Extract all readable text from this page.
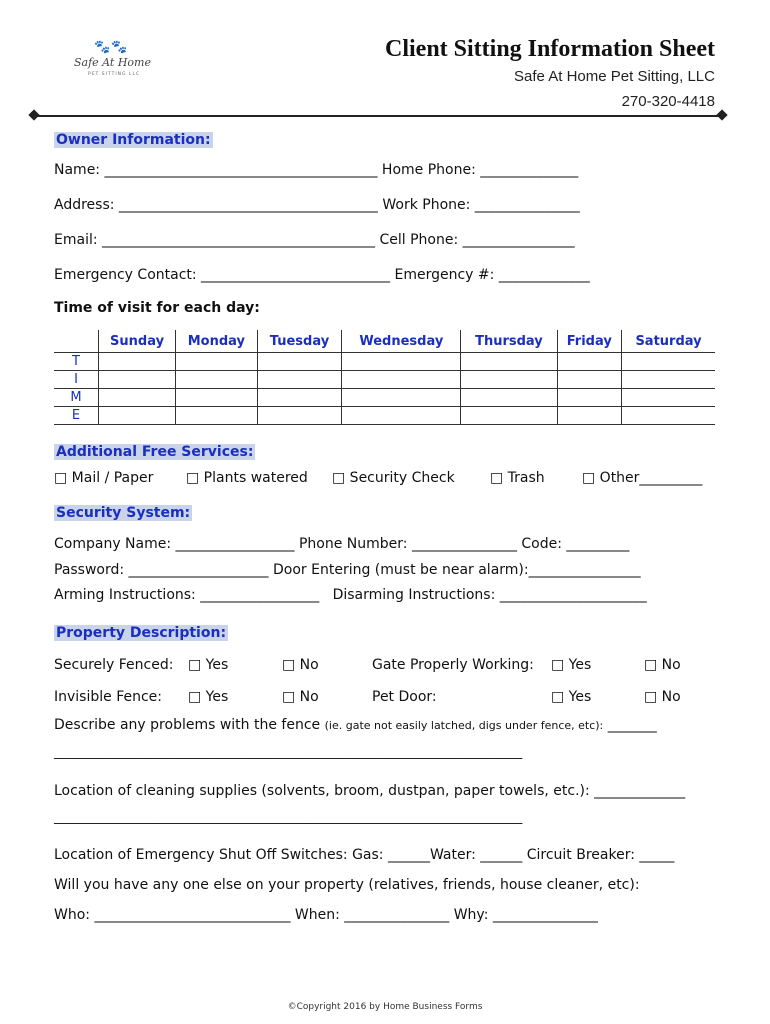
🐾🐾
Safe At Home
PET SITTING LLC
Client Sitting Information Sheet
Safe At Home Pet Sitting, LLC
270-320-4418
Owner Information:
Name: _______________________________________ Home Phone: ______________
Address: _____________________________________ Work Phone: _______________
Email: _______________________________________ Cell Phone: ________________
Emergency Contact: ___________________________ Emergency #: _____________
Time of visit for each day:
	Sunday	Monday	Tuesday	Wednesday	Thursday	Friday	Saturday
T							
I							
M							
E							
Additional Free Services:
□ Mail / Paper □ Plants watered □ Security Check	□ Trash	□ Other_________
Security System:
Company Name: _________________ Phone Number: _______________ Code: _________
Password: ____________________ Door Entering (must be near alarm):________________
Arming Instructions: _________________   Disarming Instructions: _____________________
Property Description:
Securely Fenced: □ Yes	□ No	Gate Properly Working: □ Yes	□ No
Invisible Fence: □ Yes	□ No	Pet Door:	□ Yes	□ No
Describe any problems with the fence (ie. gate not easily latched, digs under fence, etc): _______
_______________________________________________________________________
Location of cleaning supplies (solvents, broom, dustpan, paper towels, etc.): _____________
_______________________________________________________________________
Location of Emergency Shut Off Switches: Gas: ______Water: ______ Circuit Breaker: _____
Will you have any one else on your property (relatives, friends, house cleaner, etc):
Who: ____________________________ When: _______________ Why: _______________
©Copyright 2016 by Home Business Forms
